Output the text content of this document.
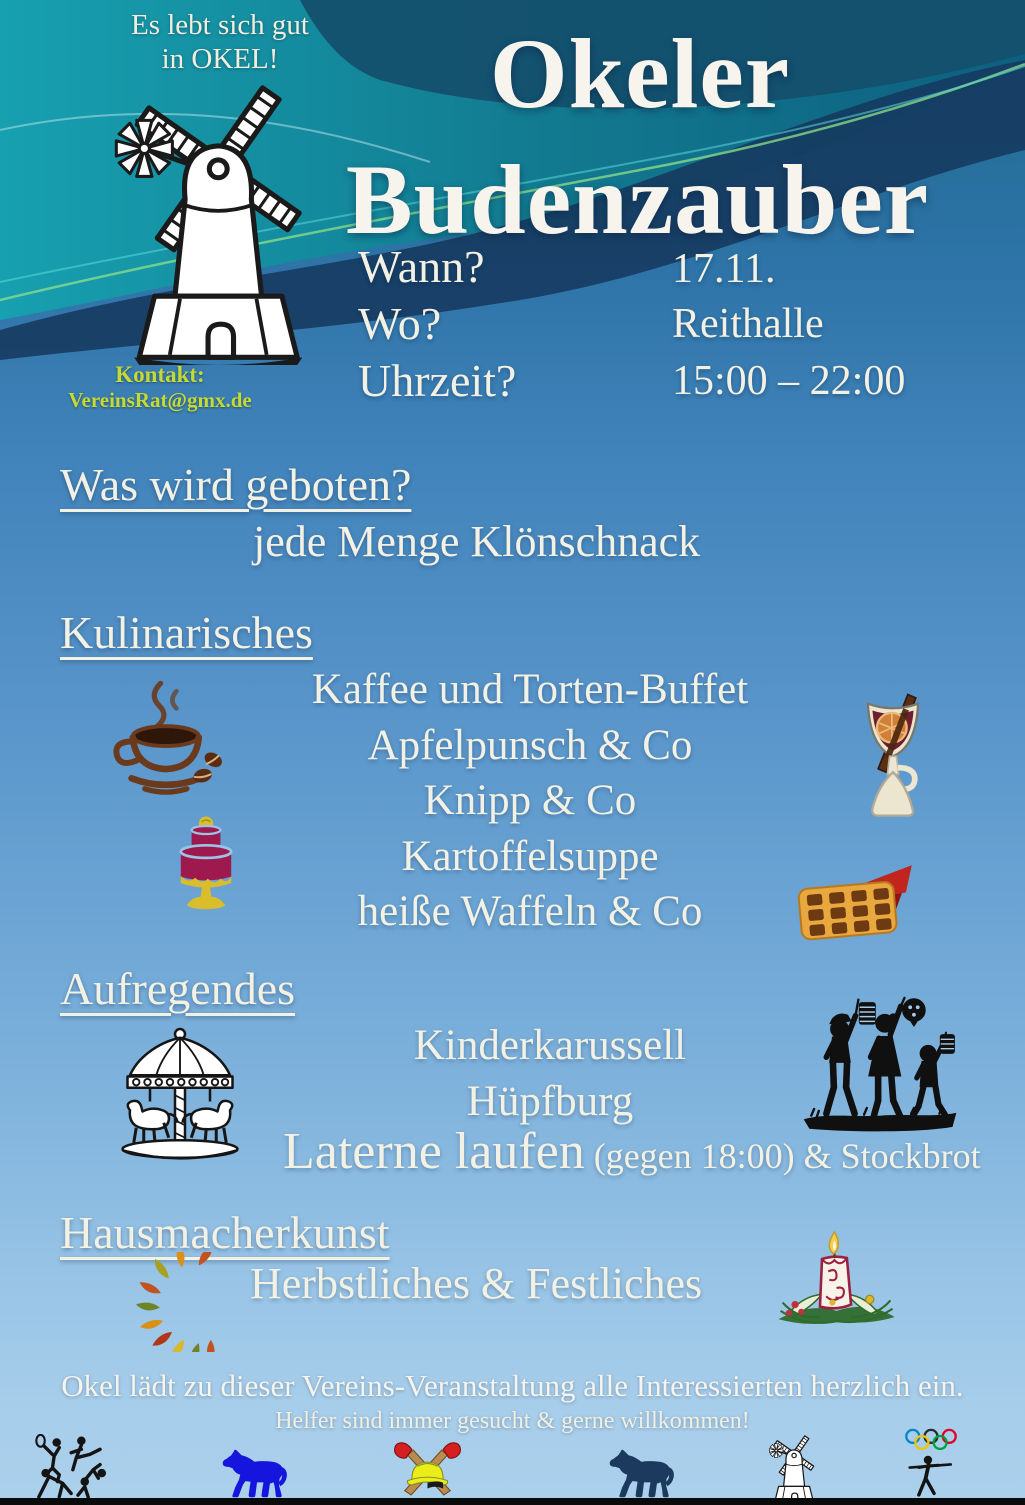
Es lebt sich gut
in OKEL!
Kontakt:
VereinsRat@gmx.de
Okeler
Budenzauber
Wann?
Wo?
Uhrzeit?
17.11.
Reithalle
15:00 – 22:00
Was wird geboten?
jede Menge Klönschnack
Kulinarisches
Kaffee und Torten-Buffet
Apfelpunsch & Co
Knipp & Co
Kartoffelsuppe
heiße Waffeln & Co
Aufregendes
Kinderkarussell
Hüpfburg
Laterne laufen (gegen 18:00) & Stockbrot
Hausmacherkunst
Herbstliches & Festliches
Okel lädt zu dieser Vereins-Veranstaltung alle Interessierten herzlich ein.
Helfer sind immer gesucht & gerne willkommen!
